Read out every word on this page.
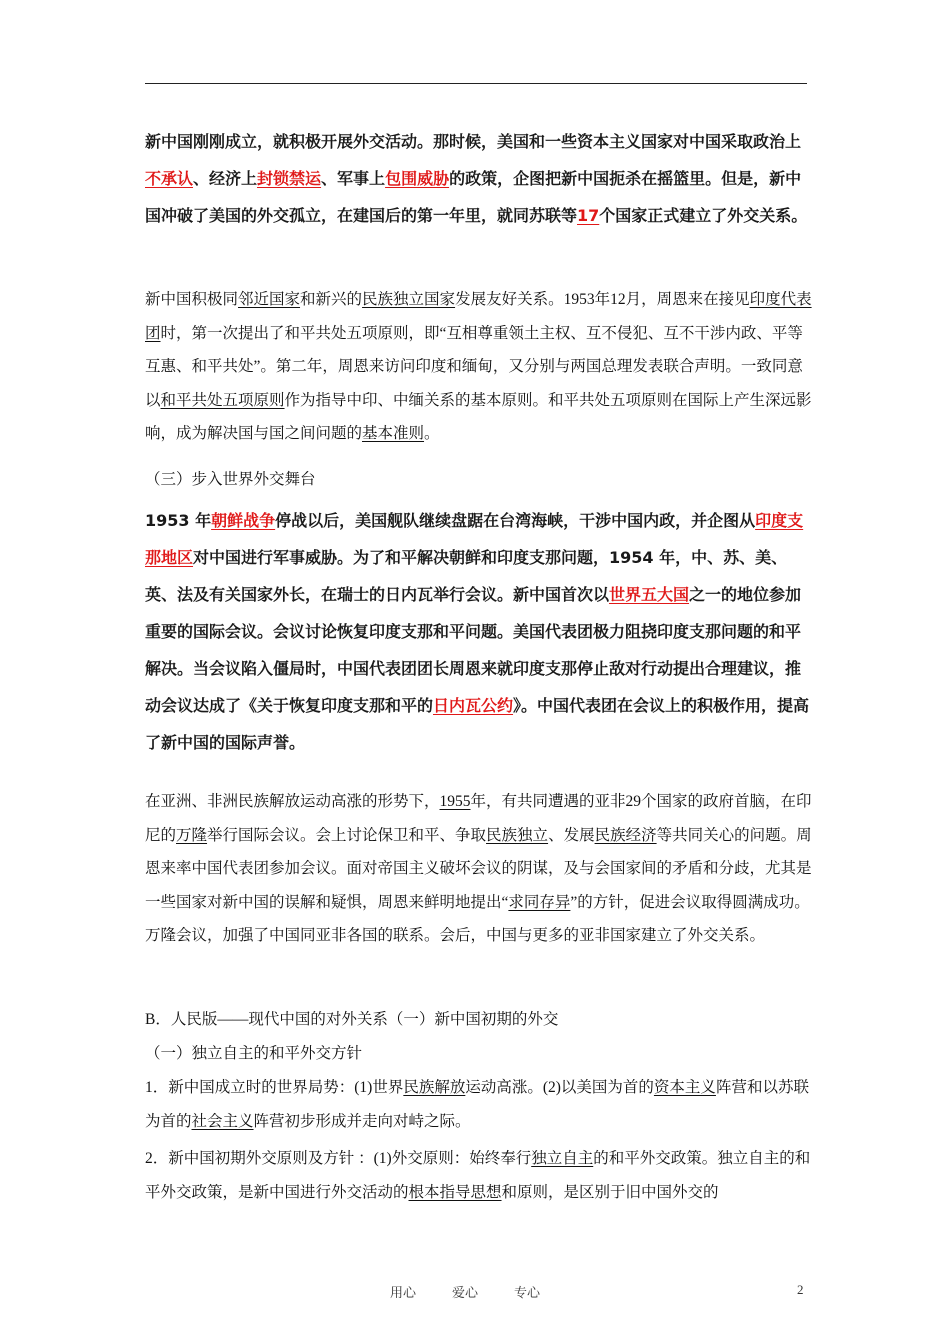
新中国刚刚成立，就积极开展外交活动。那时候，美国和一些资本主义国家对中国采取政治上不承认、经济上封锁禁运、军事上包围威胁的政策，企图把新中国扼杀在摇篮里。但是，新中国冲破了美国的外交孤立，在建国后的第一年里，就同苏联等17个国家正式建立了外交关系。

新中国积极同邻近国家和新兴的民族独立国家发展友好关系。1953年12月，周恩来在接见印度代表团时，第一次提出了和平共处五项原则，即“互相尊重领土主权、互不侵犯、互不干涉内政、平等互惠、和平共处”。第二年，周恩来访问印度和缅甸，又分别与两国总理发表联合声明。一致同意以和平共处五项原则作为指导中印、中缅关系的基本原则。和平共处五项原则在国际上产生深远影响，成为解决国与国之间问题的基本准则。

（三）步入世界外交舞台

1953 年朝鲜战争停战以后，美国舰队继续盘踞在台湾海峡，干涉中国内政，并企图从印度支那地区对中国进行军事威胁。为了和平解决朝鲜和印度支那问题，1954 年，中、苏、美、英、法及有关国家外长，在瑞士的日内瓦举行会议。新中国首次以世界五大国之一的地位参加重要的国际会议。会议讨论恢复印度支那和平问题。美国代表团极力阻挠印度支那问题的和平解决。当会议陷入僵局时，中国代表团团长周恩来就印度支那停止敌对行动提出合理建议，推动会议达成了《关于恢复印度支那和平的日内瓦公约》。中国代表团在会议上的积极作用，提高了新中国的国际声誉。

在亚洲、非洲民族解放运动高涨的形势下，1955年，有共同遭遇的亚非29个国家的政府首脑，在印尼的万隆举行国际会议。会上讨论保卫和平、争取民族独立、发展民族经济等共同关心的问题。周恩来率中国代表团参加会议。面对帝国主义破坏会议的阴谋，及与会国家间的矛盾和分歧，尤其是一些国家对新中国的误解和疑惧，周恩来鲜明地提出“求同存异”的方针，促进会议取得圆满成功。万隆会议，加强了中国同亚非各国的联系。会后，中国与更多的亚非国家建立了外交关系。

B．人民版——现代中国的对外关系（一）新中国初期的外交

（一）独立自主的和平外交方针

1．新中国成立时的世界局势：(1)世界民族解放运动高涨。(2)以美国为首的资本主义阵营和以苏联为首的社会主义阵营初步形成并走向对峙之际。

2．新中国初期外交原则及方针 ：(1)外交原则：始终奉行独立自主的和平外交政策。独立自主的和平外交政策，是新中国进行外交活动的根本指导思想和原则，是区别于旧中国外交的

用心	爱心	专心	2
